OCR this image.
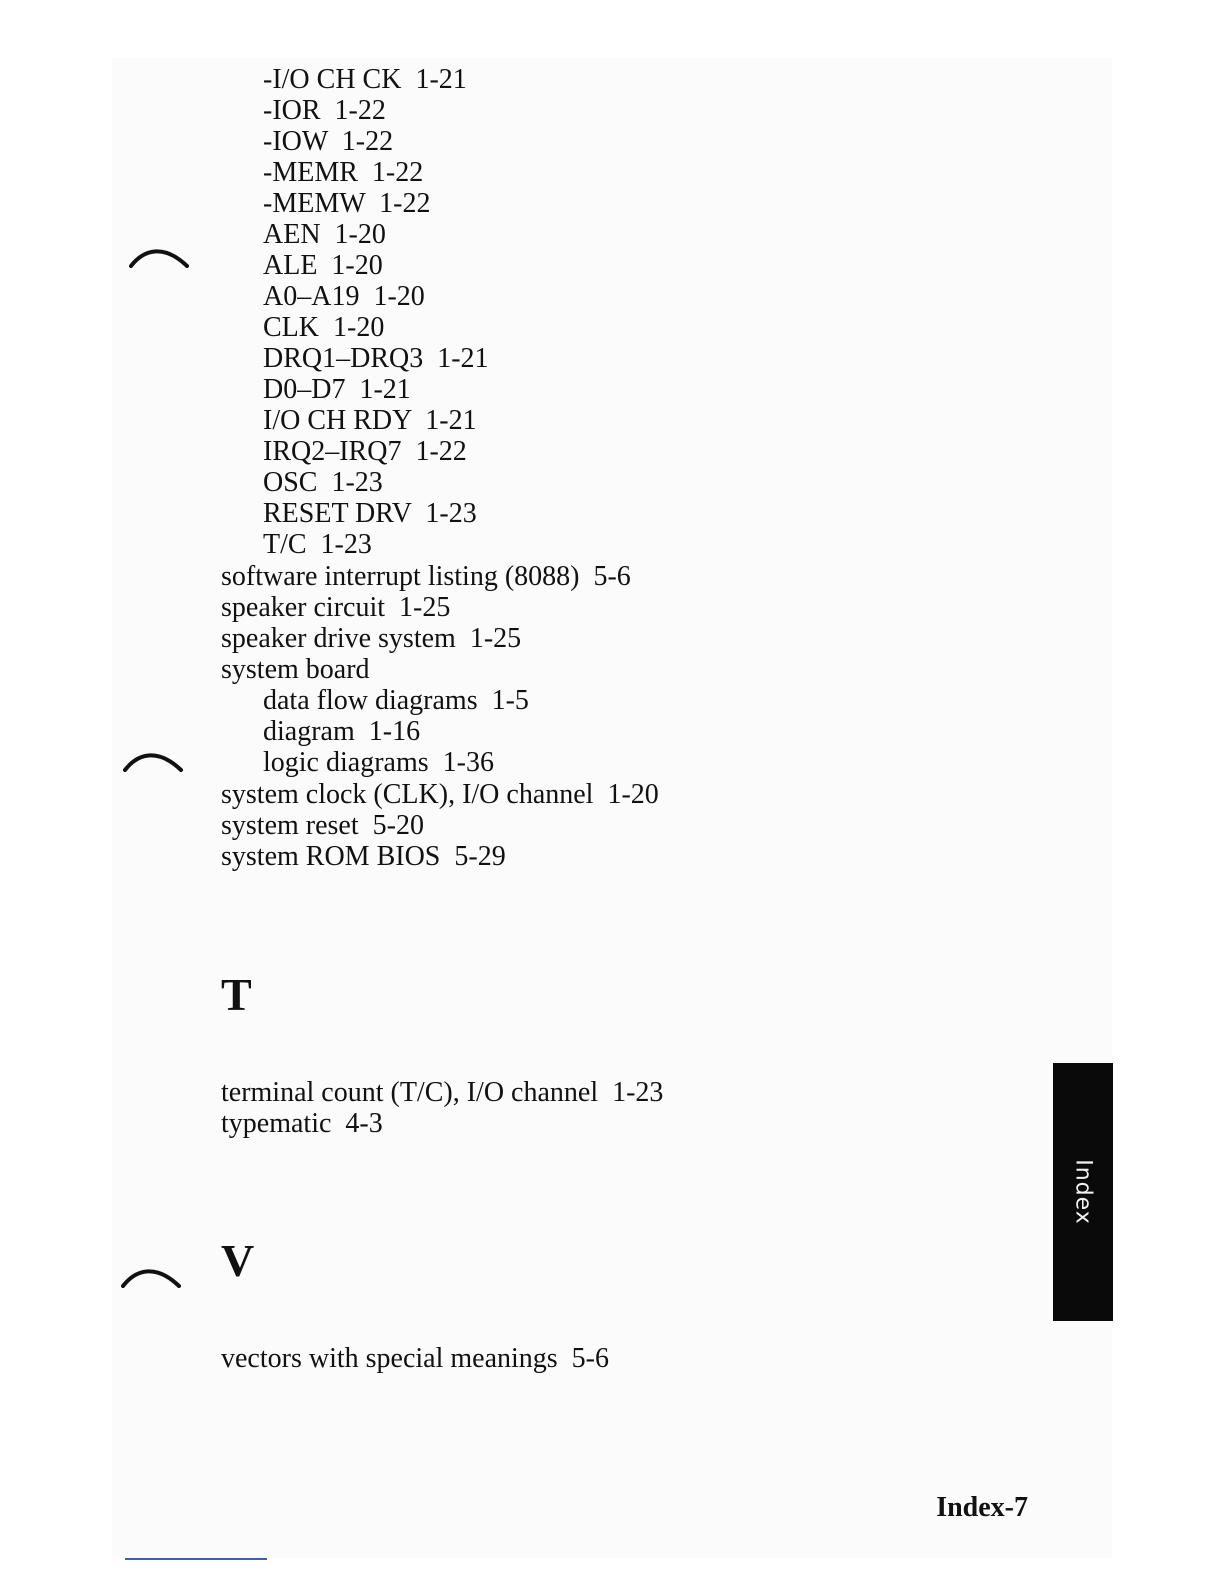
-I/O CH CK  1-21
-IOR  1-22
-IOW  1-22
-MEMR  1-22
-MEMW  1-22
AEN  1-20
ALE  1-20
A0–A19  1-20
CLK  1-20
DRQ1–DRQ3  1-21
D0–D7  1-21
I/O CH RDY  1-21
IRQ2–IRQ7  1-22
OSC  1-23
RESET DRV  1-23
T/C  1-23
software interrupt listing (8088)  5-6
speaker circuit  1-25
speaker drive system  1-25
system board
data flow diagrams  1-5
diagram  1-16
logic diagrams  1-36
system clock (CLK), I/O channel  1-20
system reset  5-20
system ROM BIOS  5-29
T
terminal count (T/C), I/O channel  1-23
typematic  4-3
V
vectors with special meanings  5-6
Index
Index-7
